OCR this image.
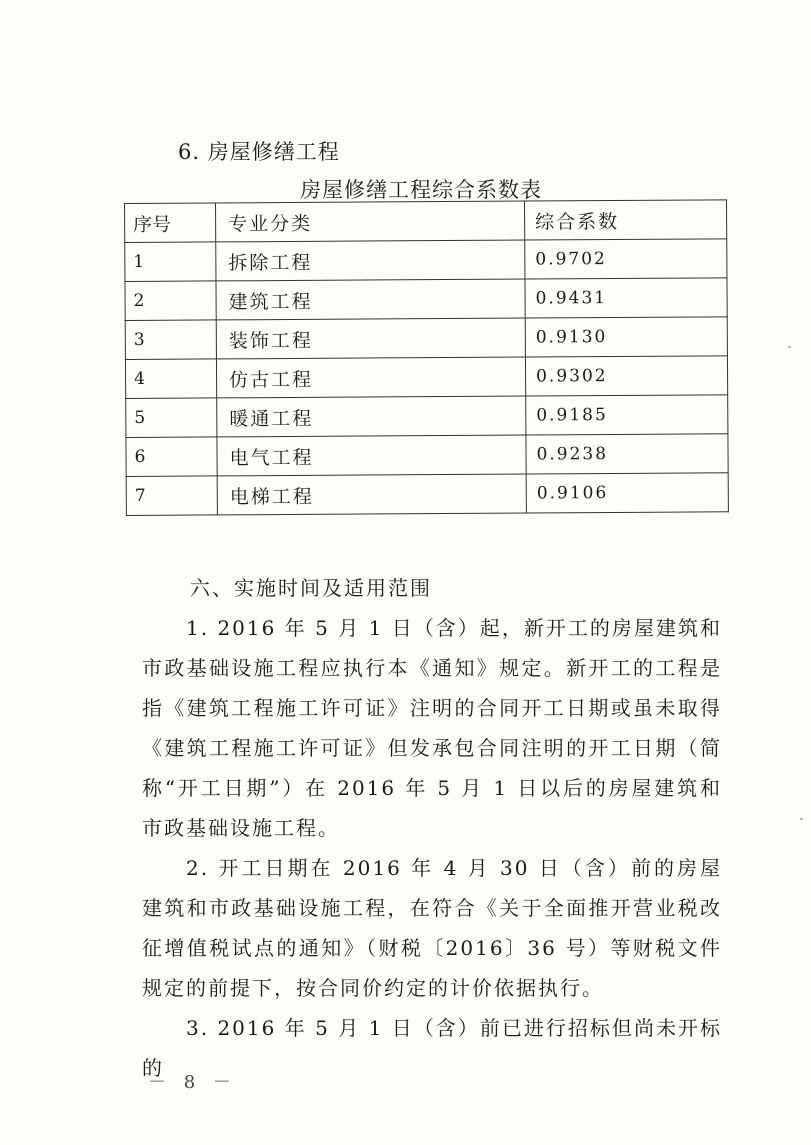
6. 房屋修缮工程
房屋修缮工程综合系数表
序号	专业分类	综合系数
1	拆除工程	0.9702
2	建筑工程	0.9431
3	装饰工程	0.9130
4	仿古工程	0.9302
5	暖通工程	0.9185
6	电气工程	0.9238
7	电梯工程	0.9106

六、实施时间及适用范围

1. 2016 年 5 月 1 日（含）起，新开工的房屋建筑和市政基础设施工程应执行本《通知》规定。新开工的工程是指《建筑工程施工许可证》注明的合同开工日期或虽未取得《建筑工程施工许可证》但发承包合同注明的开工日期（简称“开工日期”）在 2016 年 5 月 1 日以后的房屋建筑和市政基础设施工程。

2. 开工日期在 2016 年 4 月 30 日（含）前的房屋建筑和市政基础设施工程，在符合《关于全面推开营业税改征增值税试点的通知》（财税〔2016〕36 号）等财税文件规定的前提下，按合同价约定的计价依据执行。

3. 2016 年 5 月 1 日（含）前已进行招标但尚未开标的

－ 8 －
